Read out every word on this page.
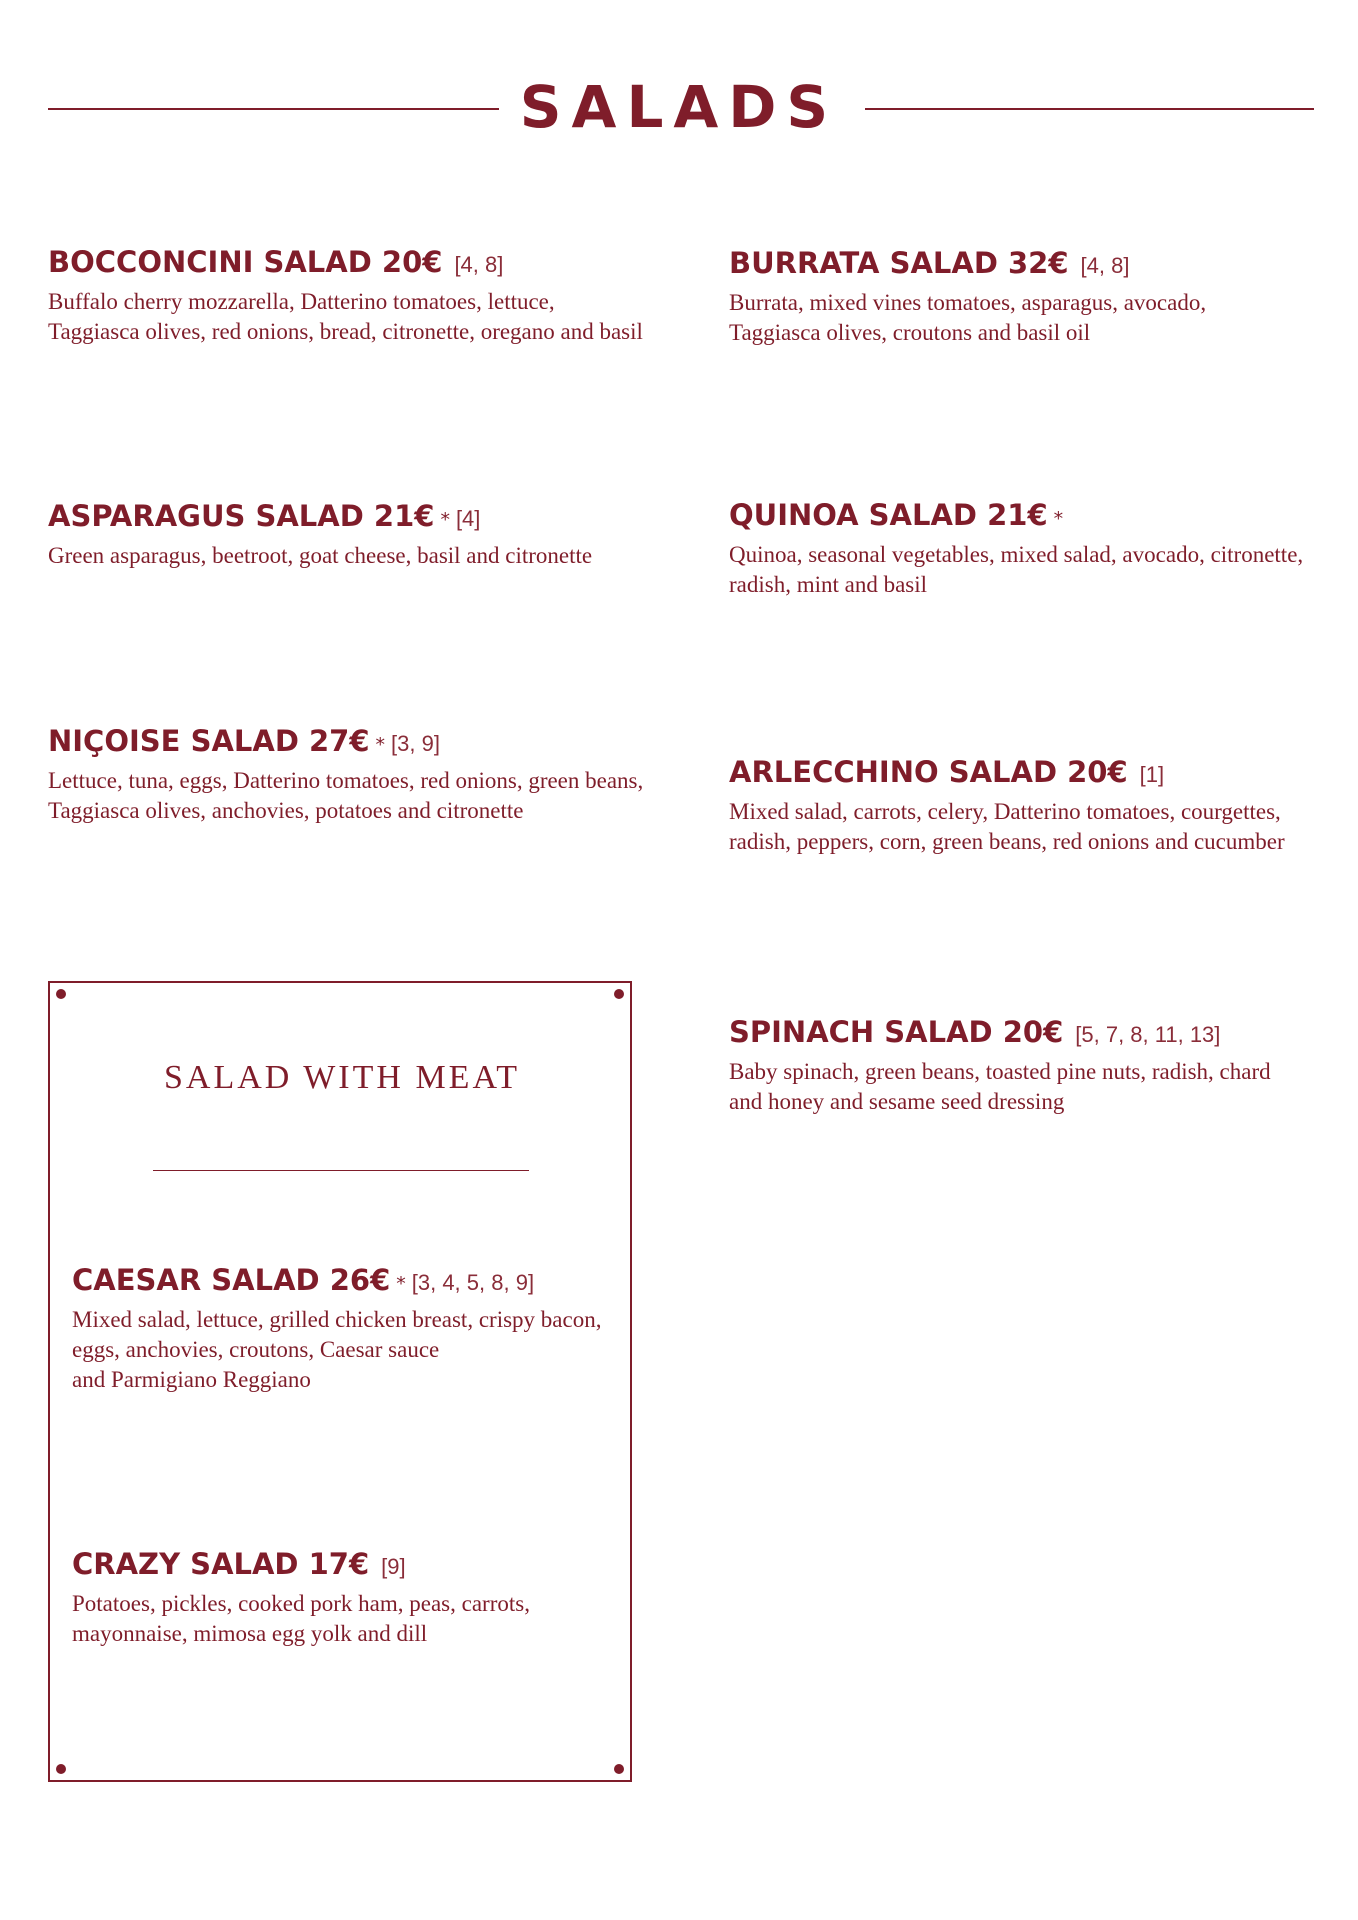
SALADS
BOCCONCINI SALAD 20€ [4, 8]
Buffalo cherry mozzarella, Datterino tomatoes, lettuce,
Taggiasca olives, red onions, bread, citronette, oregano and basil
BURRATA SALAD 32€ [4, 8]
Burrata, mixed vines tomatoes, asparagus, avocado,
Taggiasca olives, croutons and basil oil
ASPARAGUS SALAD 21€ * [4]
Green asparagus, beetroot, goat cheese, basil and citronette
QUINOA SALAD 21€ *
Quinoa, seasonal vegetables, mixed salad, avocado, citronette,
radish, mint and basil
NIÇOISE SALAD 27€ * [3, 9]
Lettuce, tuna, eggs, Datterino tomatoes, red onions, green beans,
Taggiasca olives, anchovies, potatoes and citronette
ARLECCHINO SALAD 20€ [1]
Mixed salad, carrots, celery, Datterino tomatoes, courgettes,
radish, peppers, corn, green beans, red onions and cucumber
SPINACH SALAD 20€ [5, 7, 8, 11, 13]
Baby spinach, green beans, toasted pine nuts, radish, chard
and honey and sesame seed dressing
SALAD WITH MEAT
CAESAR SALAD 26€ * [3, 4, 5, 8, 9]
Mixed salad, lettuce, grilled chicken breast, crispy bacon,
eggs, anchovies, croutons, Caesar sauce
and Parmigiano Reggiano
CRAZY SALAD 17€ [9]
Potatoes, pickles, cooked pork ham, peas, carrots,
mayonnaise, mimosa egg yolk and dill
